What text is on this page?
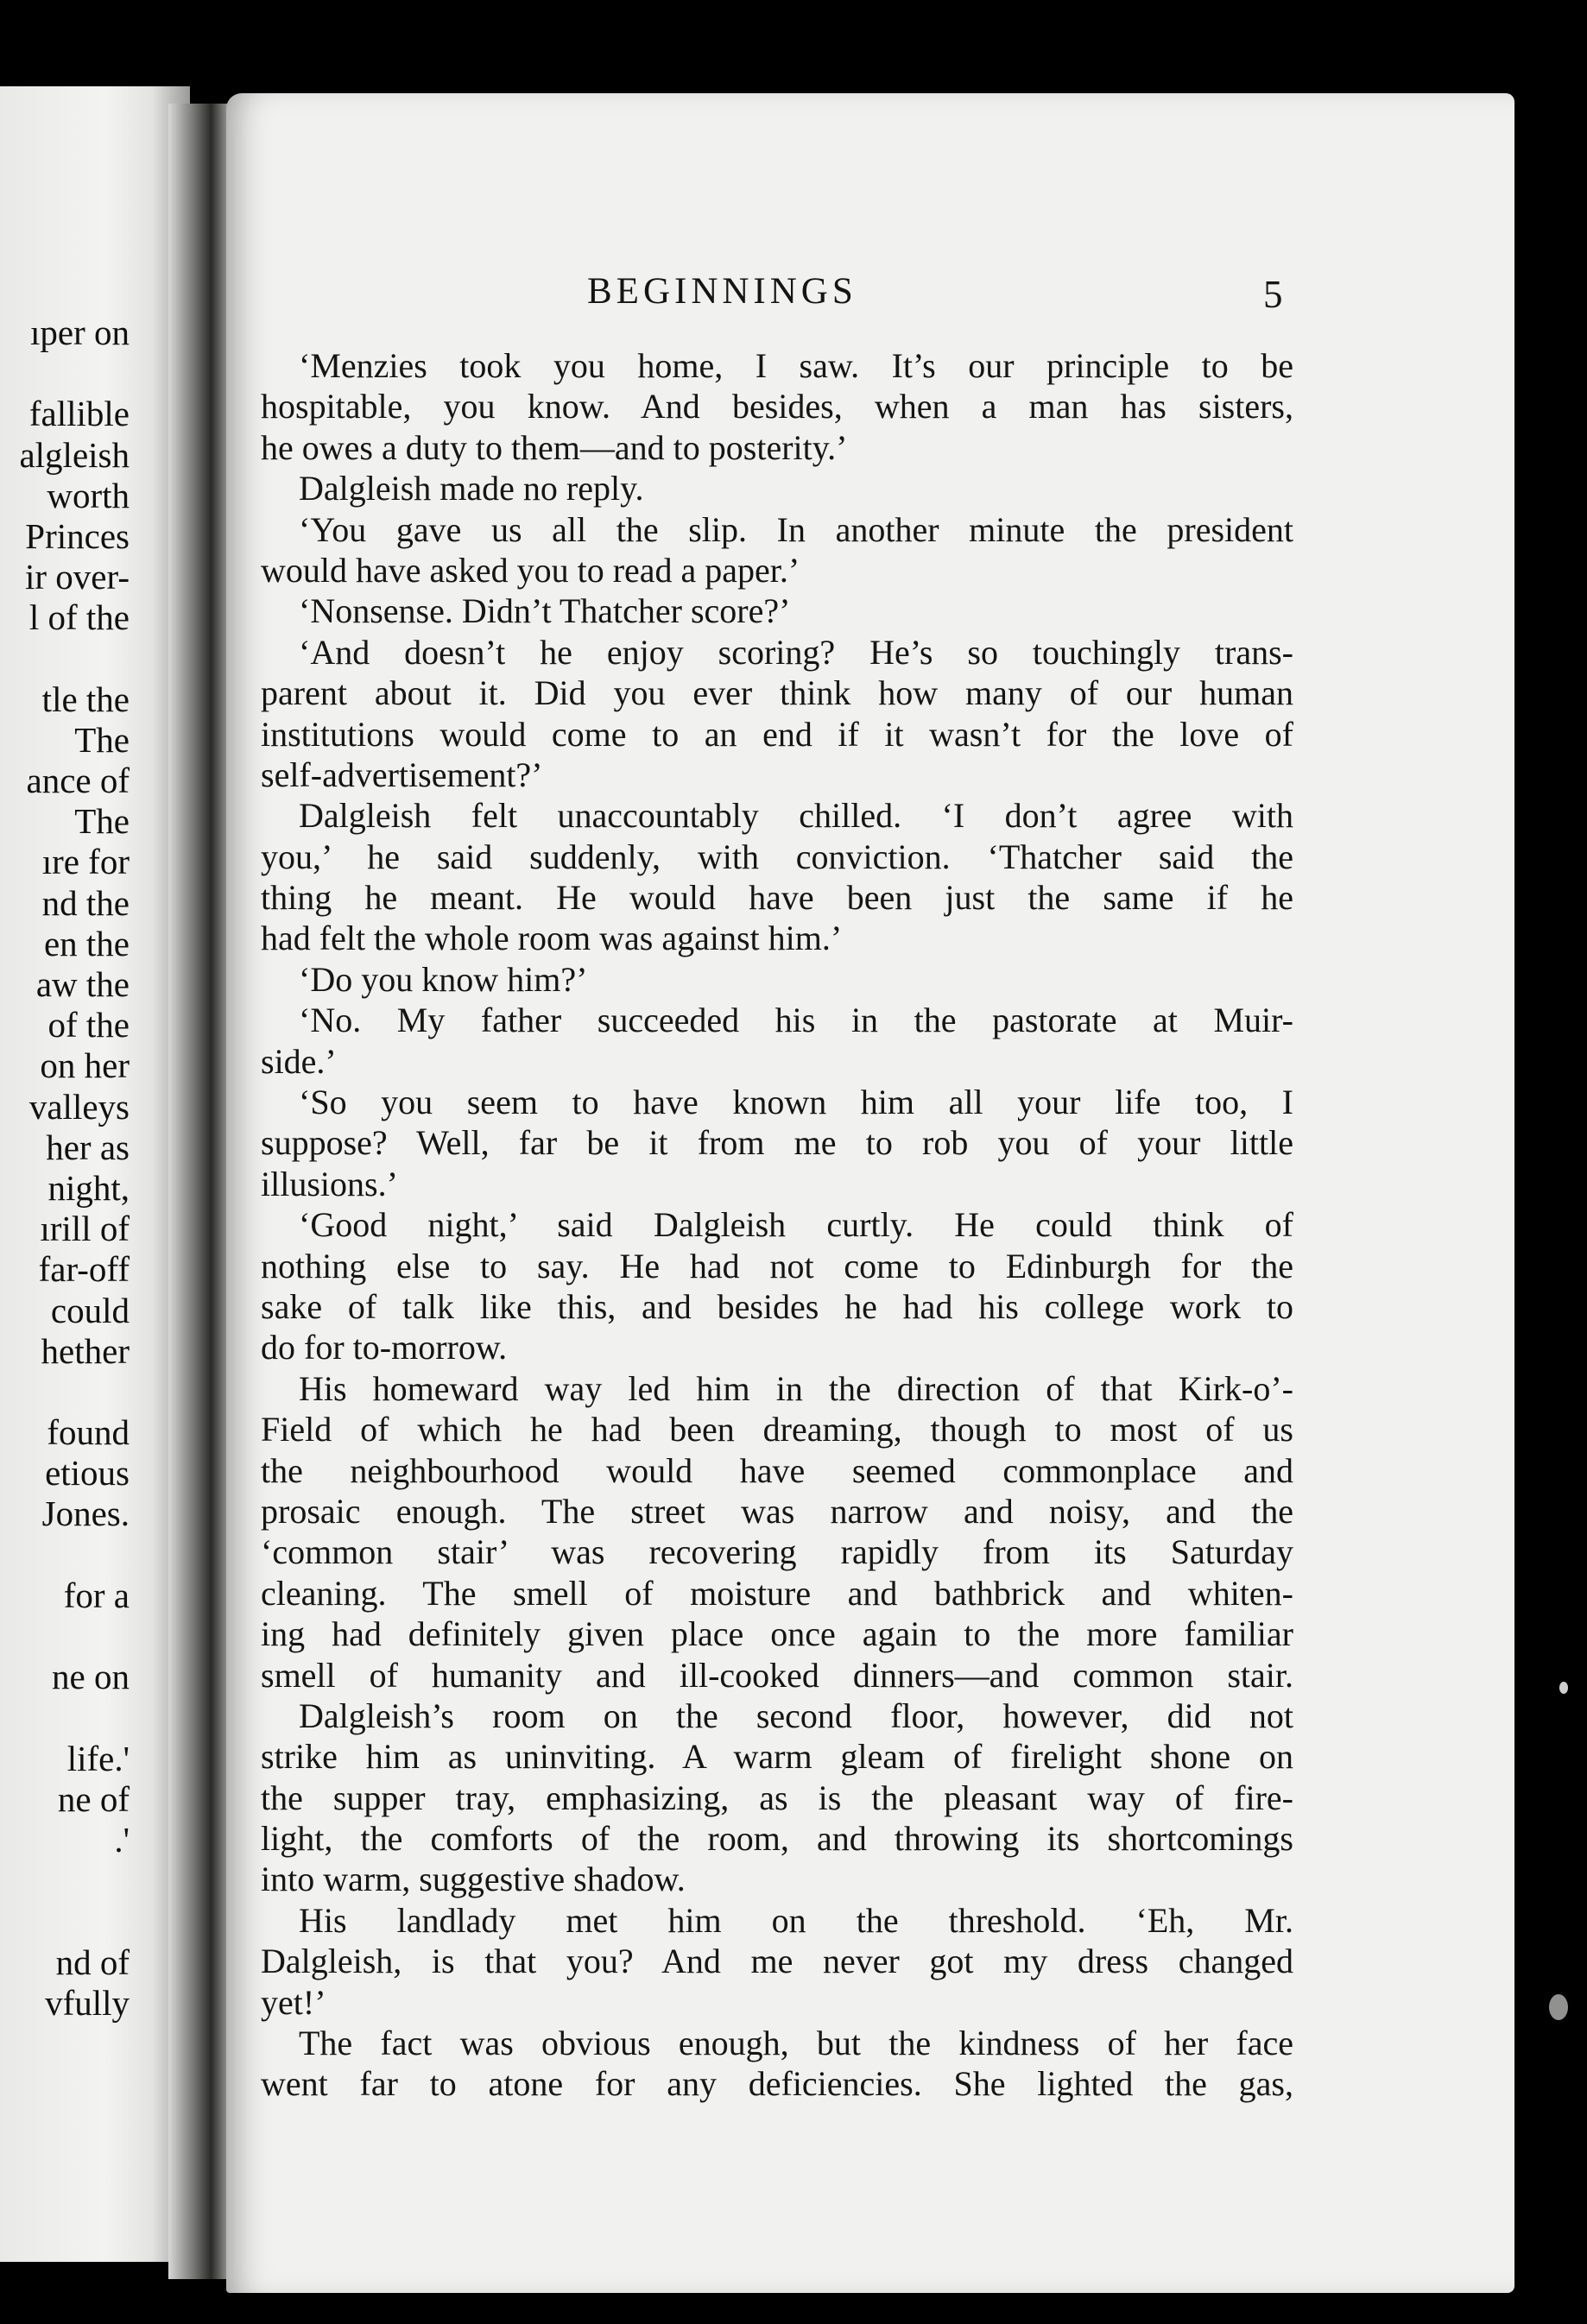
ıper on
fallible
algleish
worth
Princes
ir over-
l of the
tle the
The
ance of
The
ıre for
nd the
en the
aw the
of the
on her
valleys
her as
night,
ırill of
far-off
could
hether
found
etious
Jones.
for a
ne on
life.'
ne of
.'
nd of
vfully
BEGINNINGS	5
‘Menzies took you home, I saw. It’s our principle to be
hospitable, you know. And besides, when a man has sisters,
he owes a duty to them—and to posterity.’
Dalgleish made no reply.
‘You gave us all the slip. In another minute the president
would have asked you to read a paper.’
‘Nonsense. Didn’t Thatcher score?’
‘And doesn’t he enjoy scoring? He’s so touchingly trans-
parent about it. Did you ever think how many of our human
institutions would come to an end if it wasn’t for the love of
self-advertisement?’
Dalgleish felt unaccountably chilled. ‘I don’t agree with
you,’ he said suddenly, with conviction. ‘Thatcher said the
thing he meant. He would have been just the same if he
had felt the whole room was against him.’
‘Do you know him?’
‘No. My father succeeded his in the pastorate at Muir-
side.’
‘So you seem to have known him all your life too, I
suppose? Well, far be it from me to rob you of your little
illusions.’
‘Good night,’ said Dalgleish curtly. He could think of
nothing else to say. He had not come to Edinburgh for the
sake of talk like this, and besides he had his college work to
do for to-morrow.
His homeward way led him in the direction of that Kirk-o’-
Field of which he had been dreaming, though to most of us
the neighbourhood would have seemed commonplace and
prosaic enough. The street was narrow and noisy, and the
‘common stair’ was recovering rapidly from its Saturday
cleaning. The smell of moisture and bathbrick and whiten-
ing had definitely given place once again to the more familiar
smell of humanity and ill-cooked dinners—and common stair.
Dalgleish’s room on the second floor, however, did not
strike him as uninviting. A warm gleam of firelight shone on
the supper tray, emphasizing, as is the pleasant way of fire-
light, the comforts of the room, and throwing its shortcomings
into warm, suggestive shadow.
His landlady met him on the threshold. ‘Eh, Mr.
Dalgleish, is that you? And me never got my dress changed
yet!’
The fact was obvious enough, but the kindness of her face
went far to atone for any deficiencies. She lighted the gas,
